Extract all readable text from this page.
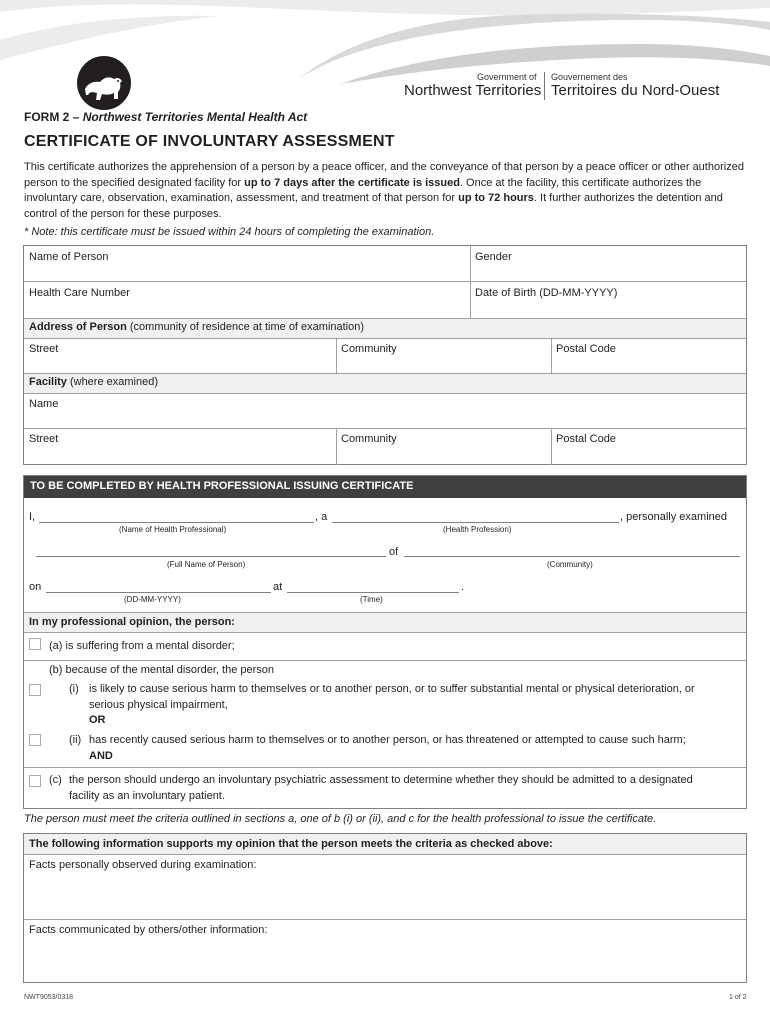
Government of
Northwest Territories
Gouvernement des
Territoires du Nord-Ouest
FORM 2 – Northwest Territories Mental Health Act
CERTIFICATE OF INVOLUNTARY ASSESSMENT
This certificate authorizes the apprehension of a person by a peace officer, and the conveyance of that person by a peace officer or other authorized person to the specified designated facility for up to 7 days after the certificate is issued. Once at the facility, this certificate authorizes the involuntary care, observation, examination, assessment, and treatment of that person for up to 72 hours. It further authorizes the detention and control of the person for these purposes.
* Note: this certificate must be issued within 24 hours of completing the examination.
Name of Person	Gender
Health Care Number	Date of Birth (DD-MM-YYYY)
Address of Person (community of residence at time of examination)
Street	Community	Postal Code
Facility (where examined)
Name
Street	Community	Postal Code
TO BE COMPLETED BY HEALTH PROFESSIONAL ISSUING CERTIFICATE
I,
(Name of Health Professional)
, a
(Health Profession)
, personally examined
(Full Name of Person)
of
(Community)
on
(DD-MM-YYYY)
at
(Time)
.
In my professional opinion, the person:
(a) is suffering from a mental disorder;
(b) because of the mental disorder, the person
(i) is likely to cause serious harm to themselves or to another person, or to suffer substantial mental or physical deterioration, or
serious physical impairment,
OR
(ii) has recently caused serious harm to themselves or to another person, or has threatened or attempted to cause such harm;
AND
(c) the person should undergo an involuntary psychiatric assessment to determine whether they should be admitted to a designated
facility as an involuntary patient.
The person must meet the criteria outlined in sections a, one of b (i) or (ii), and c for the health professional to issue the certificate.
The following information supports my opinion that the person meets the criteria as checked above:
Facts personally observed during examination:
Facts communicated by others/other information:
NWT9053/0318	1 of 2
